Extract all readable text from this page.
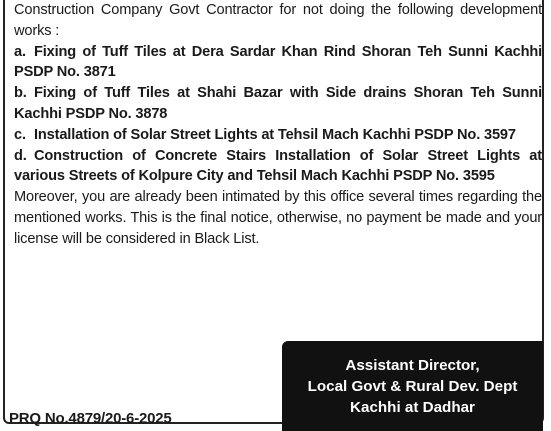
Construction Company Govt Contractor for not doing the following development works :

a. Fixing of Tuff Tiles at Dera Sardar Khan Rind Shoran Teh Sunni Kachhi PSDP No. 3871

b. Fixing of Tuff Tiles at Shahi Bazar with Side drains Shoran Teh Sunni Kachhi PSDP No. 3878

c. Installation of Solar Street Lights at Tehsil Mach Kachhi PSDP No. 3597

d. Construction of Concrete Stairs Installation of Solar Street Lights at various Streets of Kolpure City and Tehsil Mach Kachhi PSDP No. 3595

Moreover, you are already been intimated by this office several times regarding the mentioned works. This is the final notice, otherwise, no payment be made and your license will be considered in Black List.

PRQ No.4879/20-6-2025
Assistant Director,
Local Govt & Rural Dev. Dept
Kachhi at Dadhar
